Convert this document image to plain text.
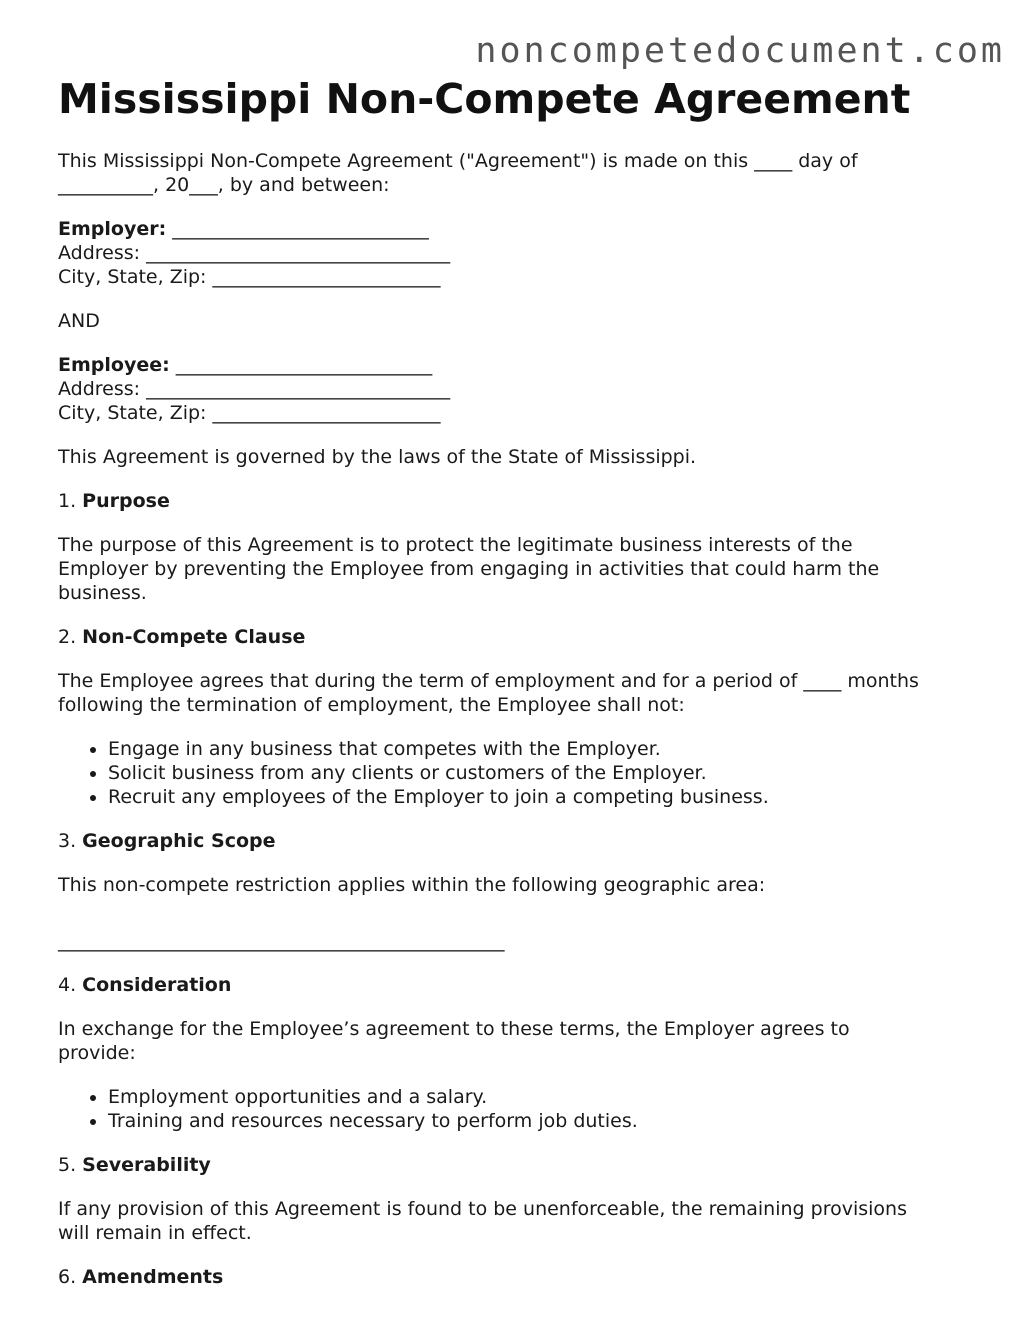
noncompetedocument.com
Mississippi Non-Compete Agreement

This Mississippi Non-Compete Agreement ("Agreement") is made on this ____ day of
__________, 20___, by and between:

Employer: ___________________________
Address: ________________________________
City, State, Zip: ________________________

AND

Employee: ___________________________
Address: ________________________________
City, State, Zip: ________________________

This Agreement is governed by the laws of the State of Mississippi.

1. Purpose

The purpose of this Agreement is to protect the legitimate business interests of the
Employer by preventing the Employee from engaging in activities that could harm the
business.

2. Non-Compete Clause

The Employee agrees that during the term of employment and for a period of ____ months
following the termination of employment, the Employee shall not:

• Engage in any business that competes with the Employer.
• Solicit business from any clients or customers of the Employer.
• Recruit any employees of the Employer to join a competing business.

3. Geographic Scope

This non-compete restriction applies within the following geographic area:

_______________________________________________

4. Consideration

In exchange for the Employee’s agreement to these terms, the Employer agrees to
provide:

• Employment opportunities and a salary.
• Training and resources necessary to perform job duties.

5. Severability

If any provision of this Agreement is found to be unenforceable, the remaining provisions
will remain in effect.

6. Amendments
